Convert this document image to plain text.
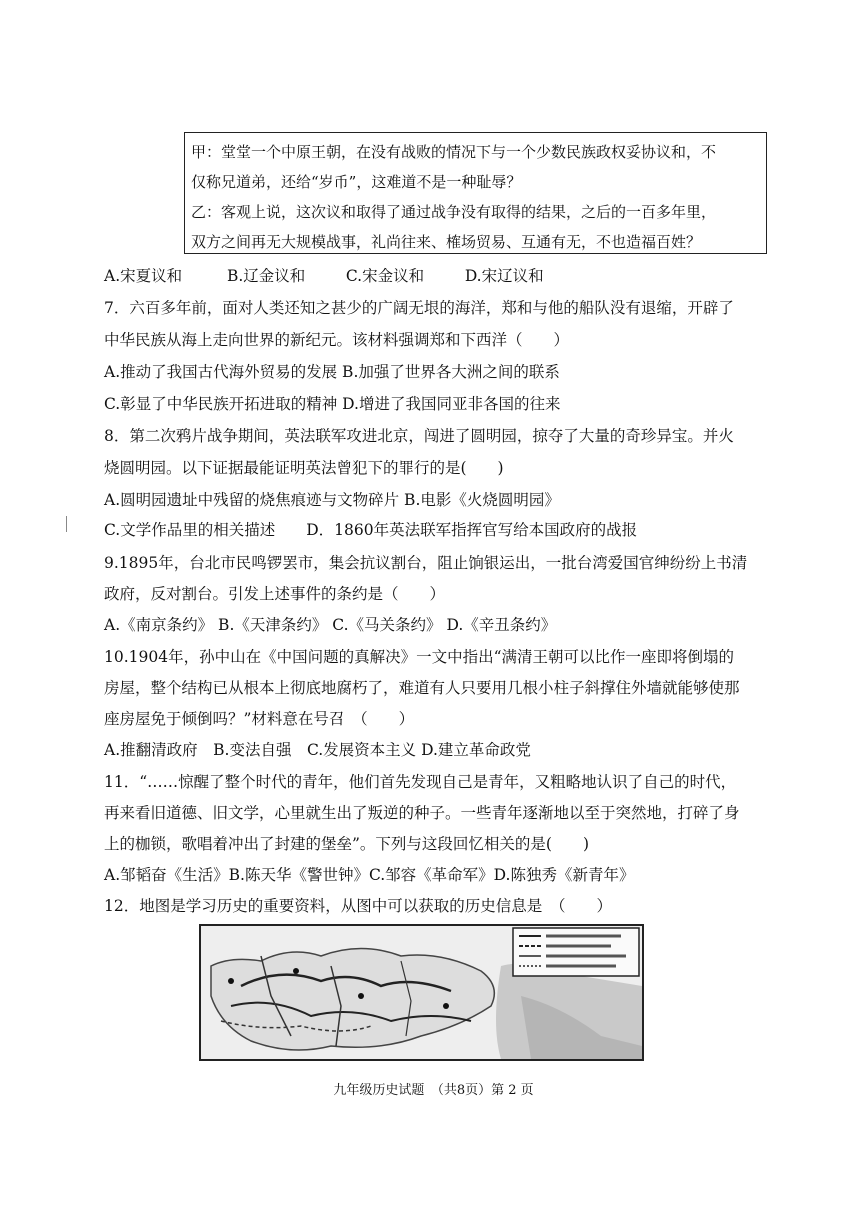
甲：堂堂一个中原王朝，在没有战败的情况下与一个少数民族政权妥协议和，不
仅称兄道弟，还给“岁币”，这难道不是一种耻辱？
乙：客观上说，这次议和取得了通过战争没有取得的结果，之后的一百多年里，
双方之间再无大规模战事，礼尚往来、榷场贸易、互通有无，不也造福百姓？
A.宋夏议和	B.辽金议和	C.宋金议和	D.宋辽议和
7．六百多年前，面对人类还知之甚少的广阔无垠的海洋，郑和与他的船队没有退缩，开辟了
中华民族从海上走向世界的新纪元。该材料强调郑和下西洋（　　）
A.推动了我国古代海外贸易的发展 B.加强了世界各大洲之间的联系
C.彰显了中华民族开拓进取的精神 D.增进了我国同亚非各国的往来
8．第二次鸦片战争期间，英法联军攻进北京，闯进了圆明园，掠夺了大量的奇珍异宝。并火
烧圆明园。以下证据最能证明英法曾犯下的罪行的是(　　)
A.圆明园遗址中残留的烧焦痕迹与文物碎片 B.电影《火烧圆明园》
C.文学作品里的相关描述　　D．1860年英法联军指挥官写给本国政府的战报
9.1895年，台北市民鸣锣罢市，集会抗议割台，阻止饷银运出，一批台湾爱国官绅纷纷上书清
政府，反对割台。引发上述事件的条约是（　　）
A.《南京条约》 B.《天津条约》 C.《马关条约》 D.《辛丑条约》
10.1904年，孙中山在《中国问题的真解决》一文中指出“满清王朝可以比作一座即将倒塌的
房屋，整个结构已从根本上彻底地腐朽了，难道有人只要用几根小柱子斜撑住外墙就能够使那
座房屋免于倾倒吗？”材料意在号召　（　　）
A.推翻清政府　B.变法自强　C.发展资本主义 D.建立革命政党
11．“……惊醒了整个时代的青年，他们首先发现自己是青年，又粗略地认识了自己的时代，
再来看旧道德、旧文学，心里就生出了叛逆的种子。一些青年逐渐地以至于突然地，打碎了身
上的枷锁，歌唱着冲出了封建的堡垒”。下列与这段回忆相关的是(　　)
A.邹韬奋《生活》B.陈天华《警世钟》C.邹容《革命军》D.陈独秀《新青年》
12．地图是学习历史的重要资料，从图中可以获取的历史信息是　（　　）
九年级历史试题　（共8页）第 2 页
